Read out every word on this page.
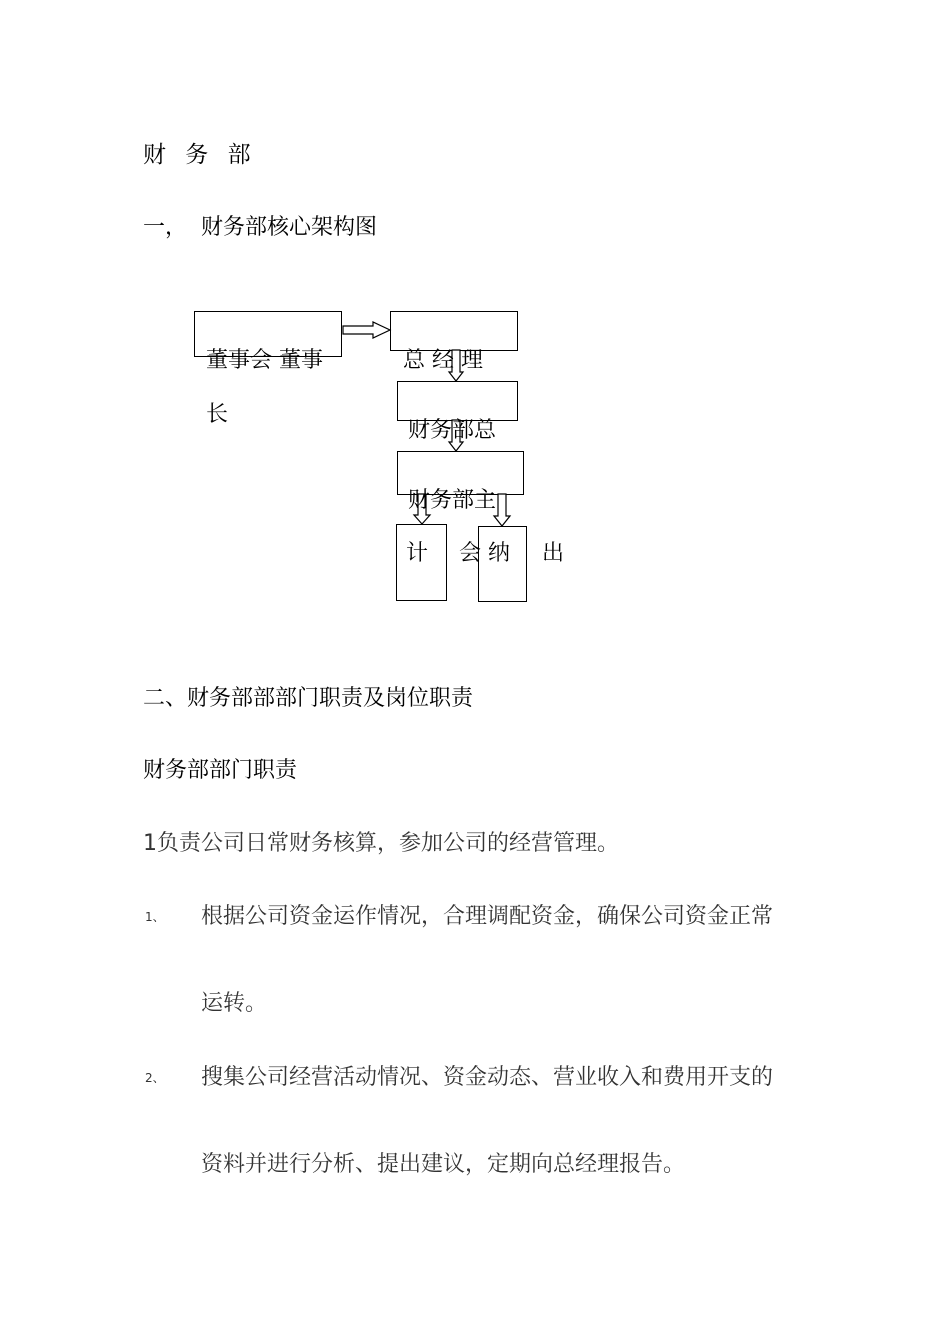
财 务 部
一， 财务部核心架构图
董事会 董事
长
总 经 理
财务部总
财务部主
计 会 纳 出
二、财务部部部门职责及岗位职责
财务部部门职责
1负责公司日常财务核算，参加公司的经营管理。
1、 根据公司资金运作情况，合理调配资金，确保公司资金正常
运转。
2、 搜集公司经营活动情况、资金动态、营业收入和费用开支的
资料并进行分析、提出建议，定期向总经理报告。
